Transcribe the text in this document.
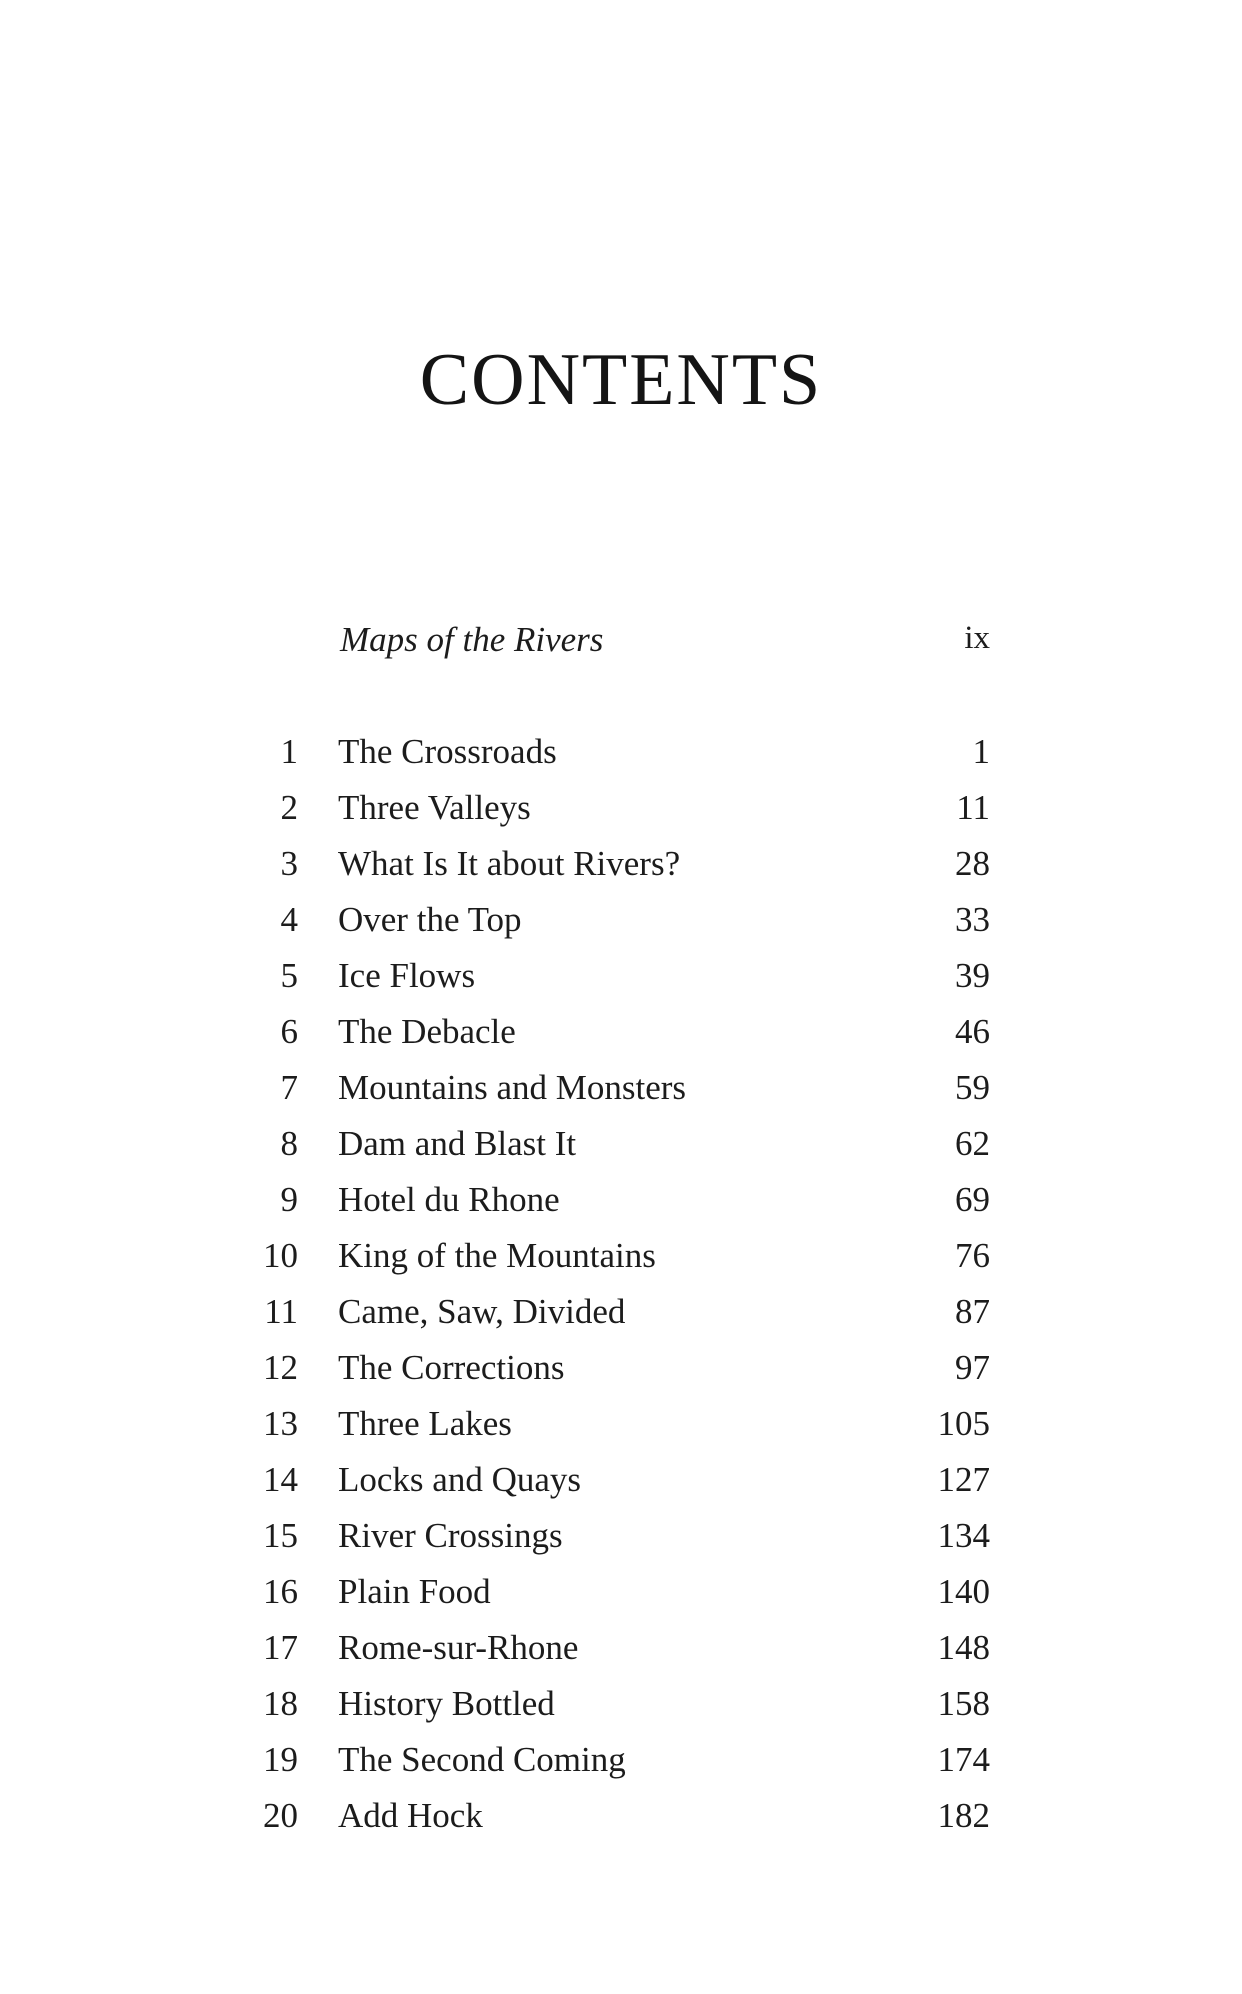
CONTENTS
Maps of the Rivers	ix
1 The Crossroads	1
2 Three Valleys	11
3 What Is It about Rivers?	28
4 Over the Top	33
5 Ice Flows	39
6 The Debacle	46
7 Mountains and Monsters	59
8 Dam and Blast It	62
9 Hotel du Rhone	69
10 King of the Mountains	76
11 Came, Saw, Divided	87
12 The Corrections	97
13 Three Lakes	105
14 Locks and Quays	127
15 River Crossings	134
16 Plain Food	140
17 Rome-sur-Rhone	148
18 History Bottled	158
19 The Second Coming	174
20 Add Hock	182
